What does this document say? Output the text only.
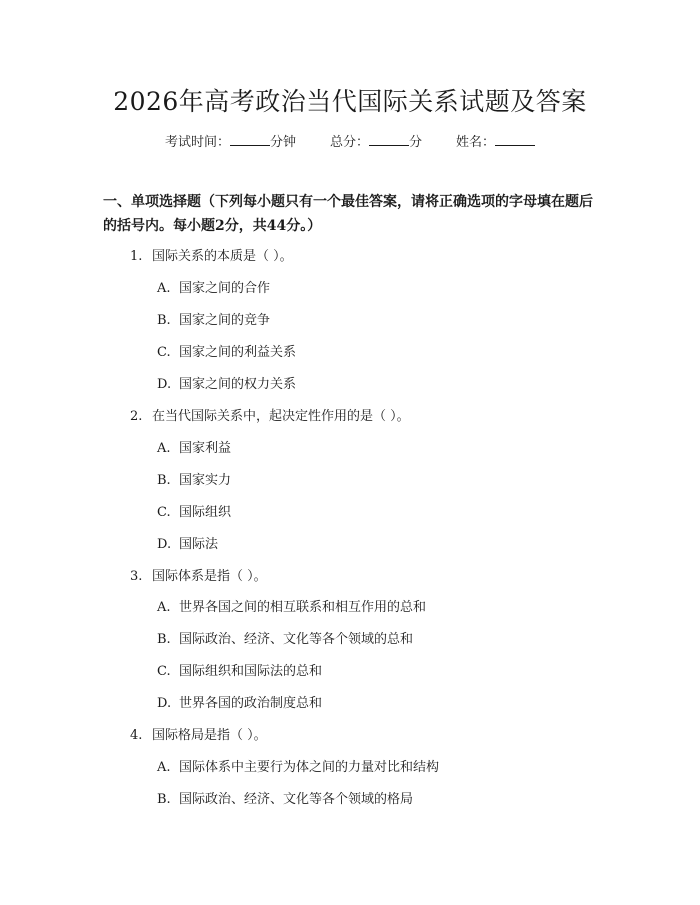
2026年高考政治当代国际关系试题及答案
考试时间：	分钟	总分：	分	姓名：
一、单项选择题（下列每小题只有一个最佳答案，请将正确选项的字母填在题后的括号内。每小题2分，共44分。）
1. 国际关系的本质是（ ）。
A. 国家之间的合作
B. 国家之间的竞争
C. 国家之间的利益关系
D. 国家之间的权力关系
2. 在当代国际关系中，起决定性作用的是（ ）。
A. 国家利益
B. 国家实力
C. 国际组织
D. 国际法
3. 国际体系是指（ ）。
A. 世界各国之间的相互联系和相互作用的总和
B. 国际政治、经济、文化等各个领域的总和
C. 国际组织和国际法的总和
D. 世界各国的政治制度总和
4. 国际格局是指（ ）。
A. 国际体系中主要行为体之间的力量对比和结构
B. 国际政治、经济、文化等各个领域的格局
